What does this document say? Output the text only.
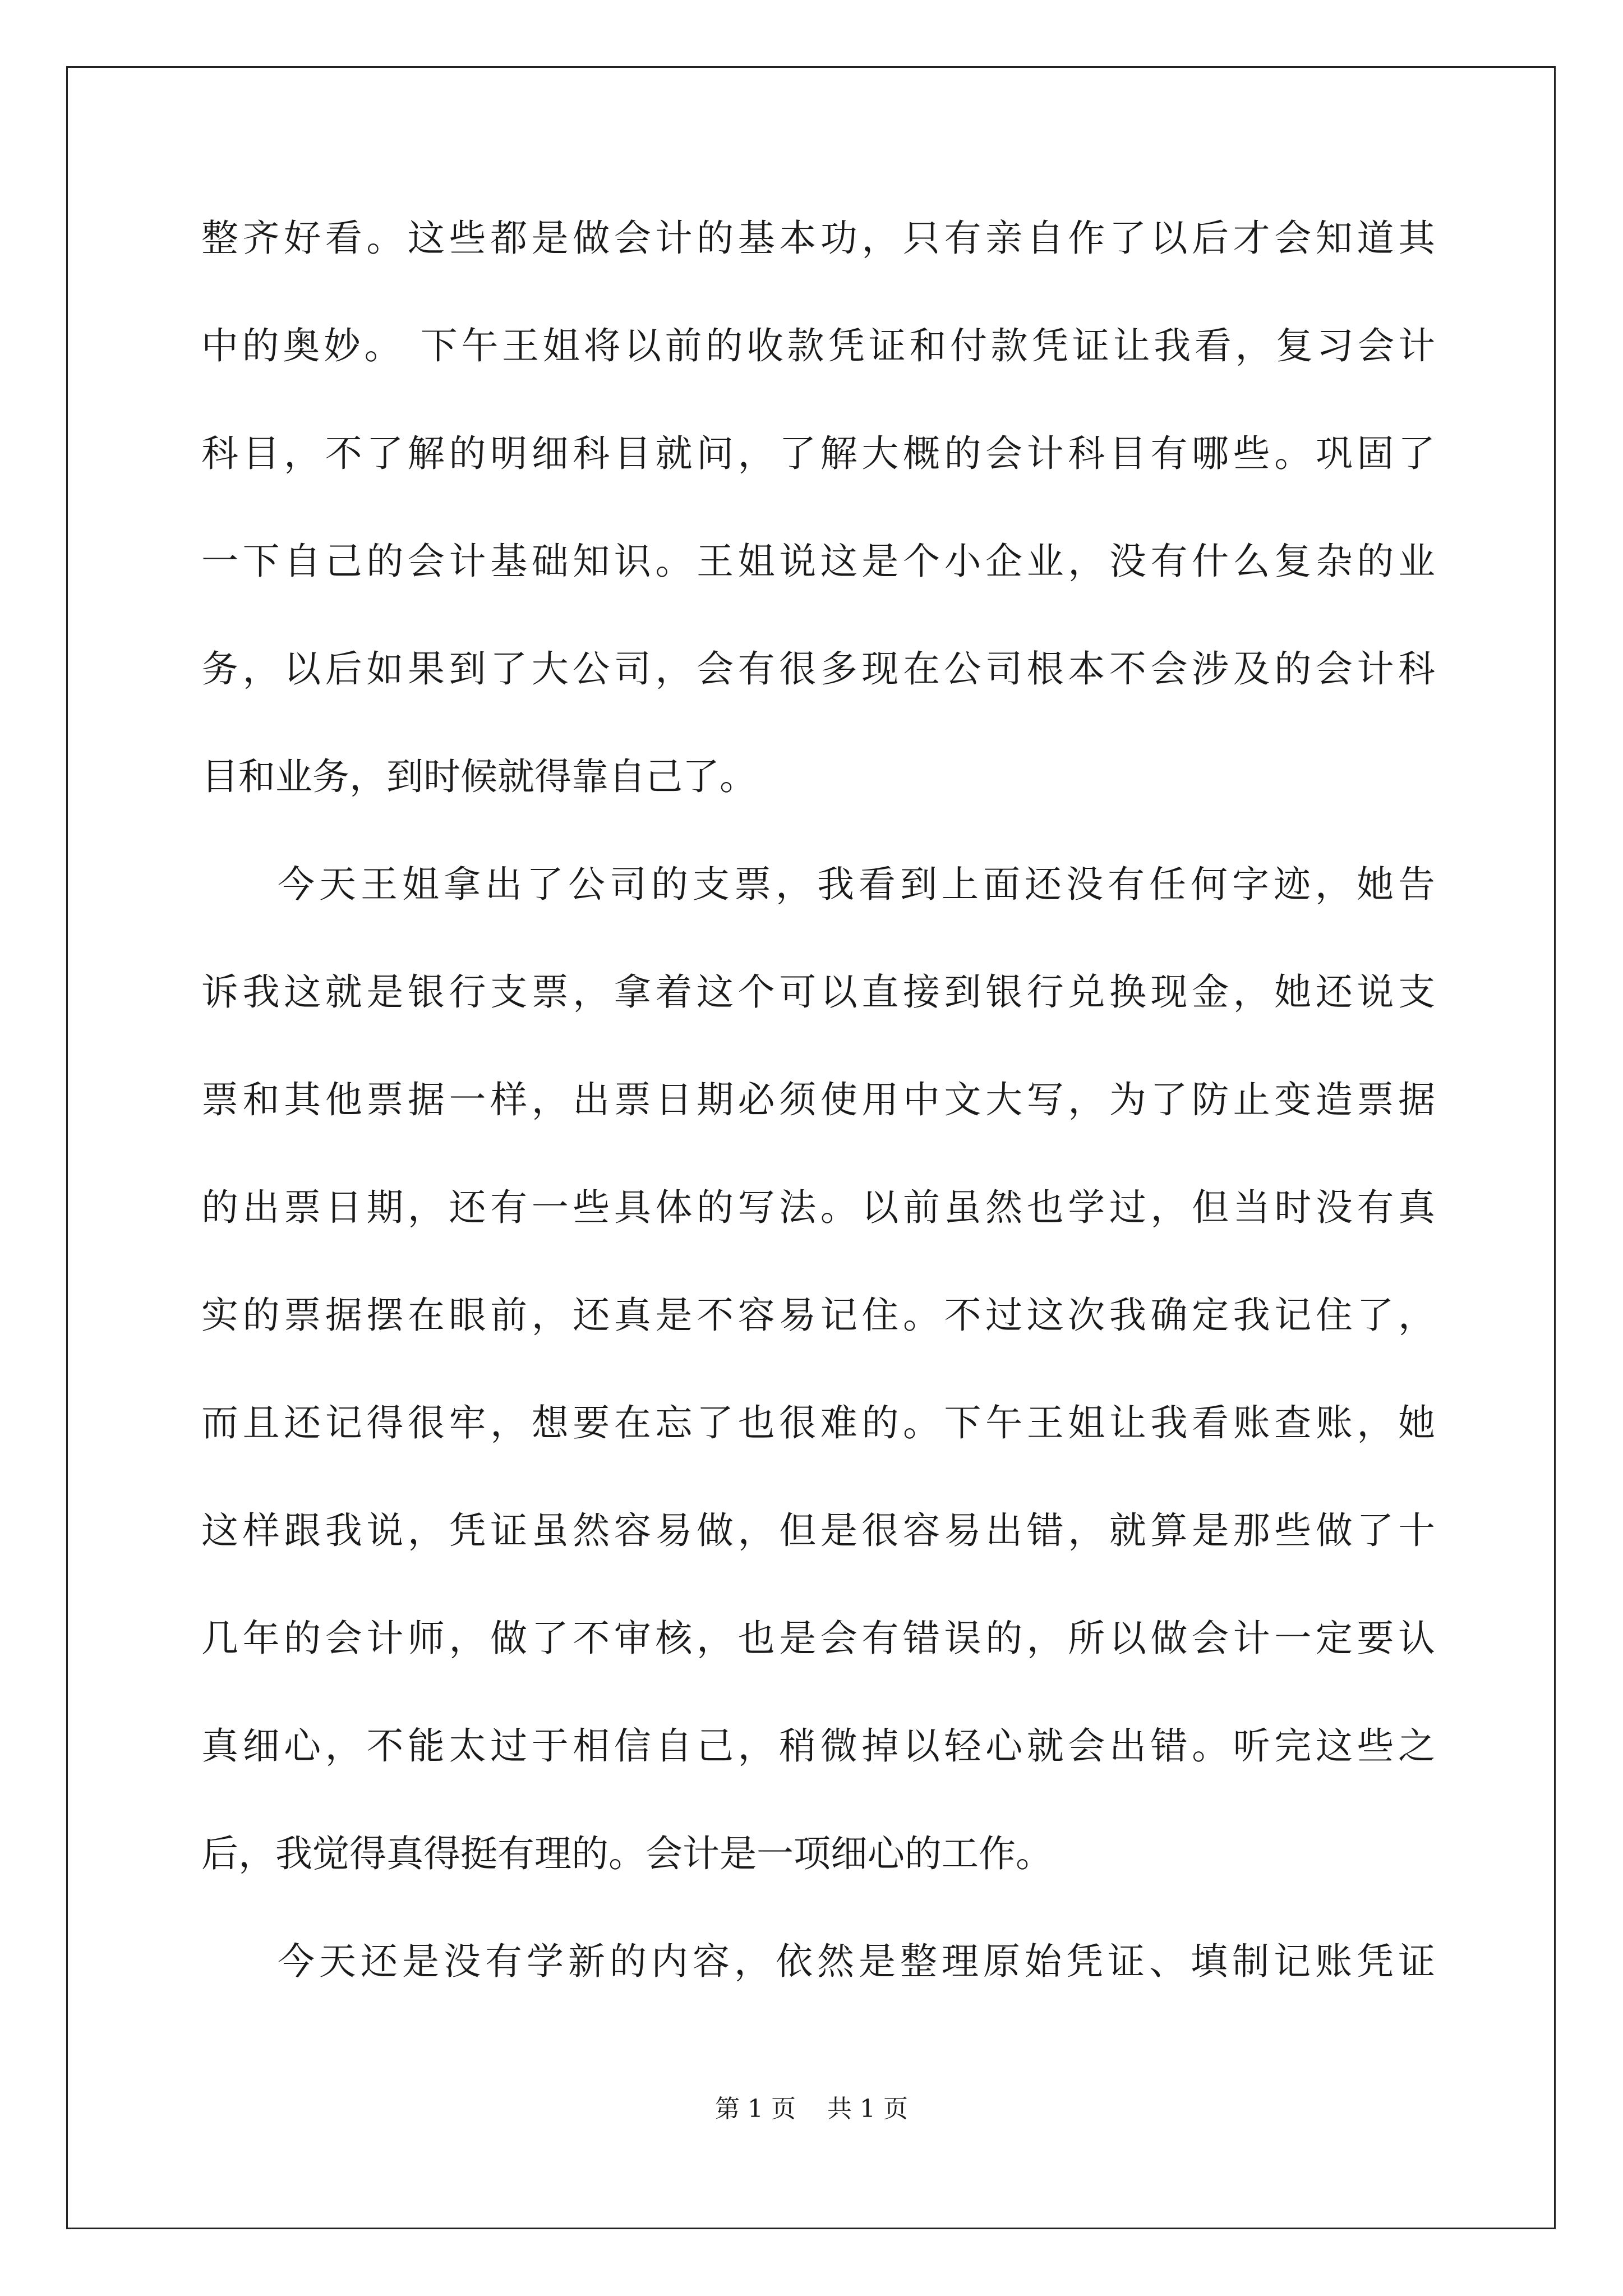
整齐好看。这些都是做会计的基本功，只有亲自作了以后才会知道其
中的奥妙。 下午王姐将以前的收款凭证和付款凭证让我看，复习会计
科目，不了解的明细科目就问，了解大概的会计科目有哪些。巩固了
一下自己的会计基础知识。王姐说这是个小企业，没有什么复杂的业
务，以后如果到了大公司，会有很多现在公司根本不会涉及的会计科
目和业务，到时候就得靠自己了。
今天王姐拿出了公司的支票，我看到上面还没有任何字迹，她告
诉我这就是银行支票，拿着这个可以直接到银行兑换现金，她还说支
票和其他票据一样，出票日期必须使用中文大写，为了防止变造票据
的出票日期，还有一些具体的写法。以前虽然也学过，但当时没有真
实的票据摆在眼前，还真是不容易记住。不过这次我确定我记住了，
而且还记得很牢，想要在忘了也很难的。下午王姐让我看账查账，她
这样跟我说，凭证虽然容易做，但是很容易出错，就算是那些做了十
几年的会计师，做了不审核，也是会有错误的，所以做会计一定要认
真细心，不能太过于相信自己，稍微掉以轻心就会出错。听完这些之
后，我觉得真得挺有理的。会计是一项细心的工作。
今天还是没有学新的内容，依然是整理原始凭证、填制记账凭证
第 1 页 共 1 页
